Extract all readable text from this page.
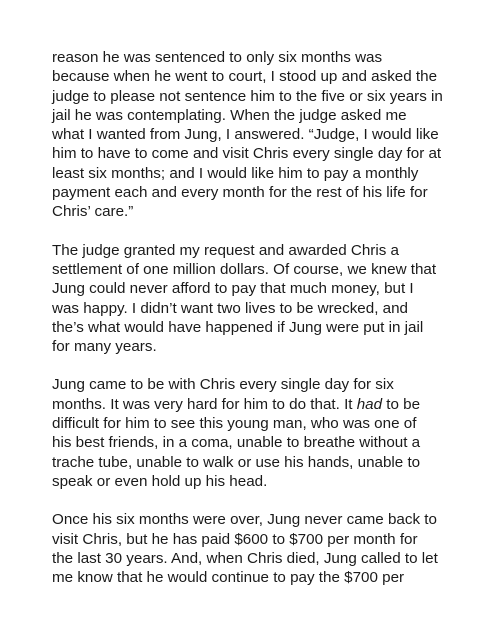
reason he was sentenced to only six months was
because when he went to court, I stood up and asked the
judge to please not sentence him to the five or six years in
jail he was contemplating. When the judge asked me
what I wanted from Jung, I answered. “Judge, I would like
him to have to come and visit Chris every single day for at
least six months; and I would like him to pay a monthly
payment each and every month for the rest of his life for
Chris’ care.”

The judge granted my request and awarded Chris a
settlement of one million dollars. Of course, we knew that
Jung could never afford to pay that much money, but I
was happy. I didn’t want two lives to be wrecked, and
the’s what would have happened if Jung were put in jail
for many years.

Jung came to be with Chris every single day for six
months. It was very hard for him to do that. It had to be
difficult for him to see this young man, who was one of
his best friends, in a coma, unable to breathe without a
trache tube, unable to walk or use his hands, unable to
speak or even hold up his head.

Once his six months were over, Jung never came back to
visit Chris, but he has paid $600 to $700 per month for
the last 30 years. And, when Chris died, Jung called to let
me know that he would continue to pay the $700 per
